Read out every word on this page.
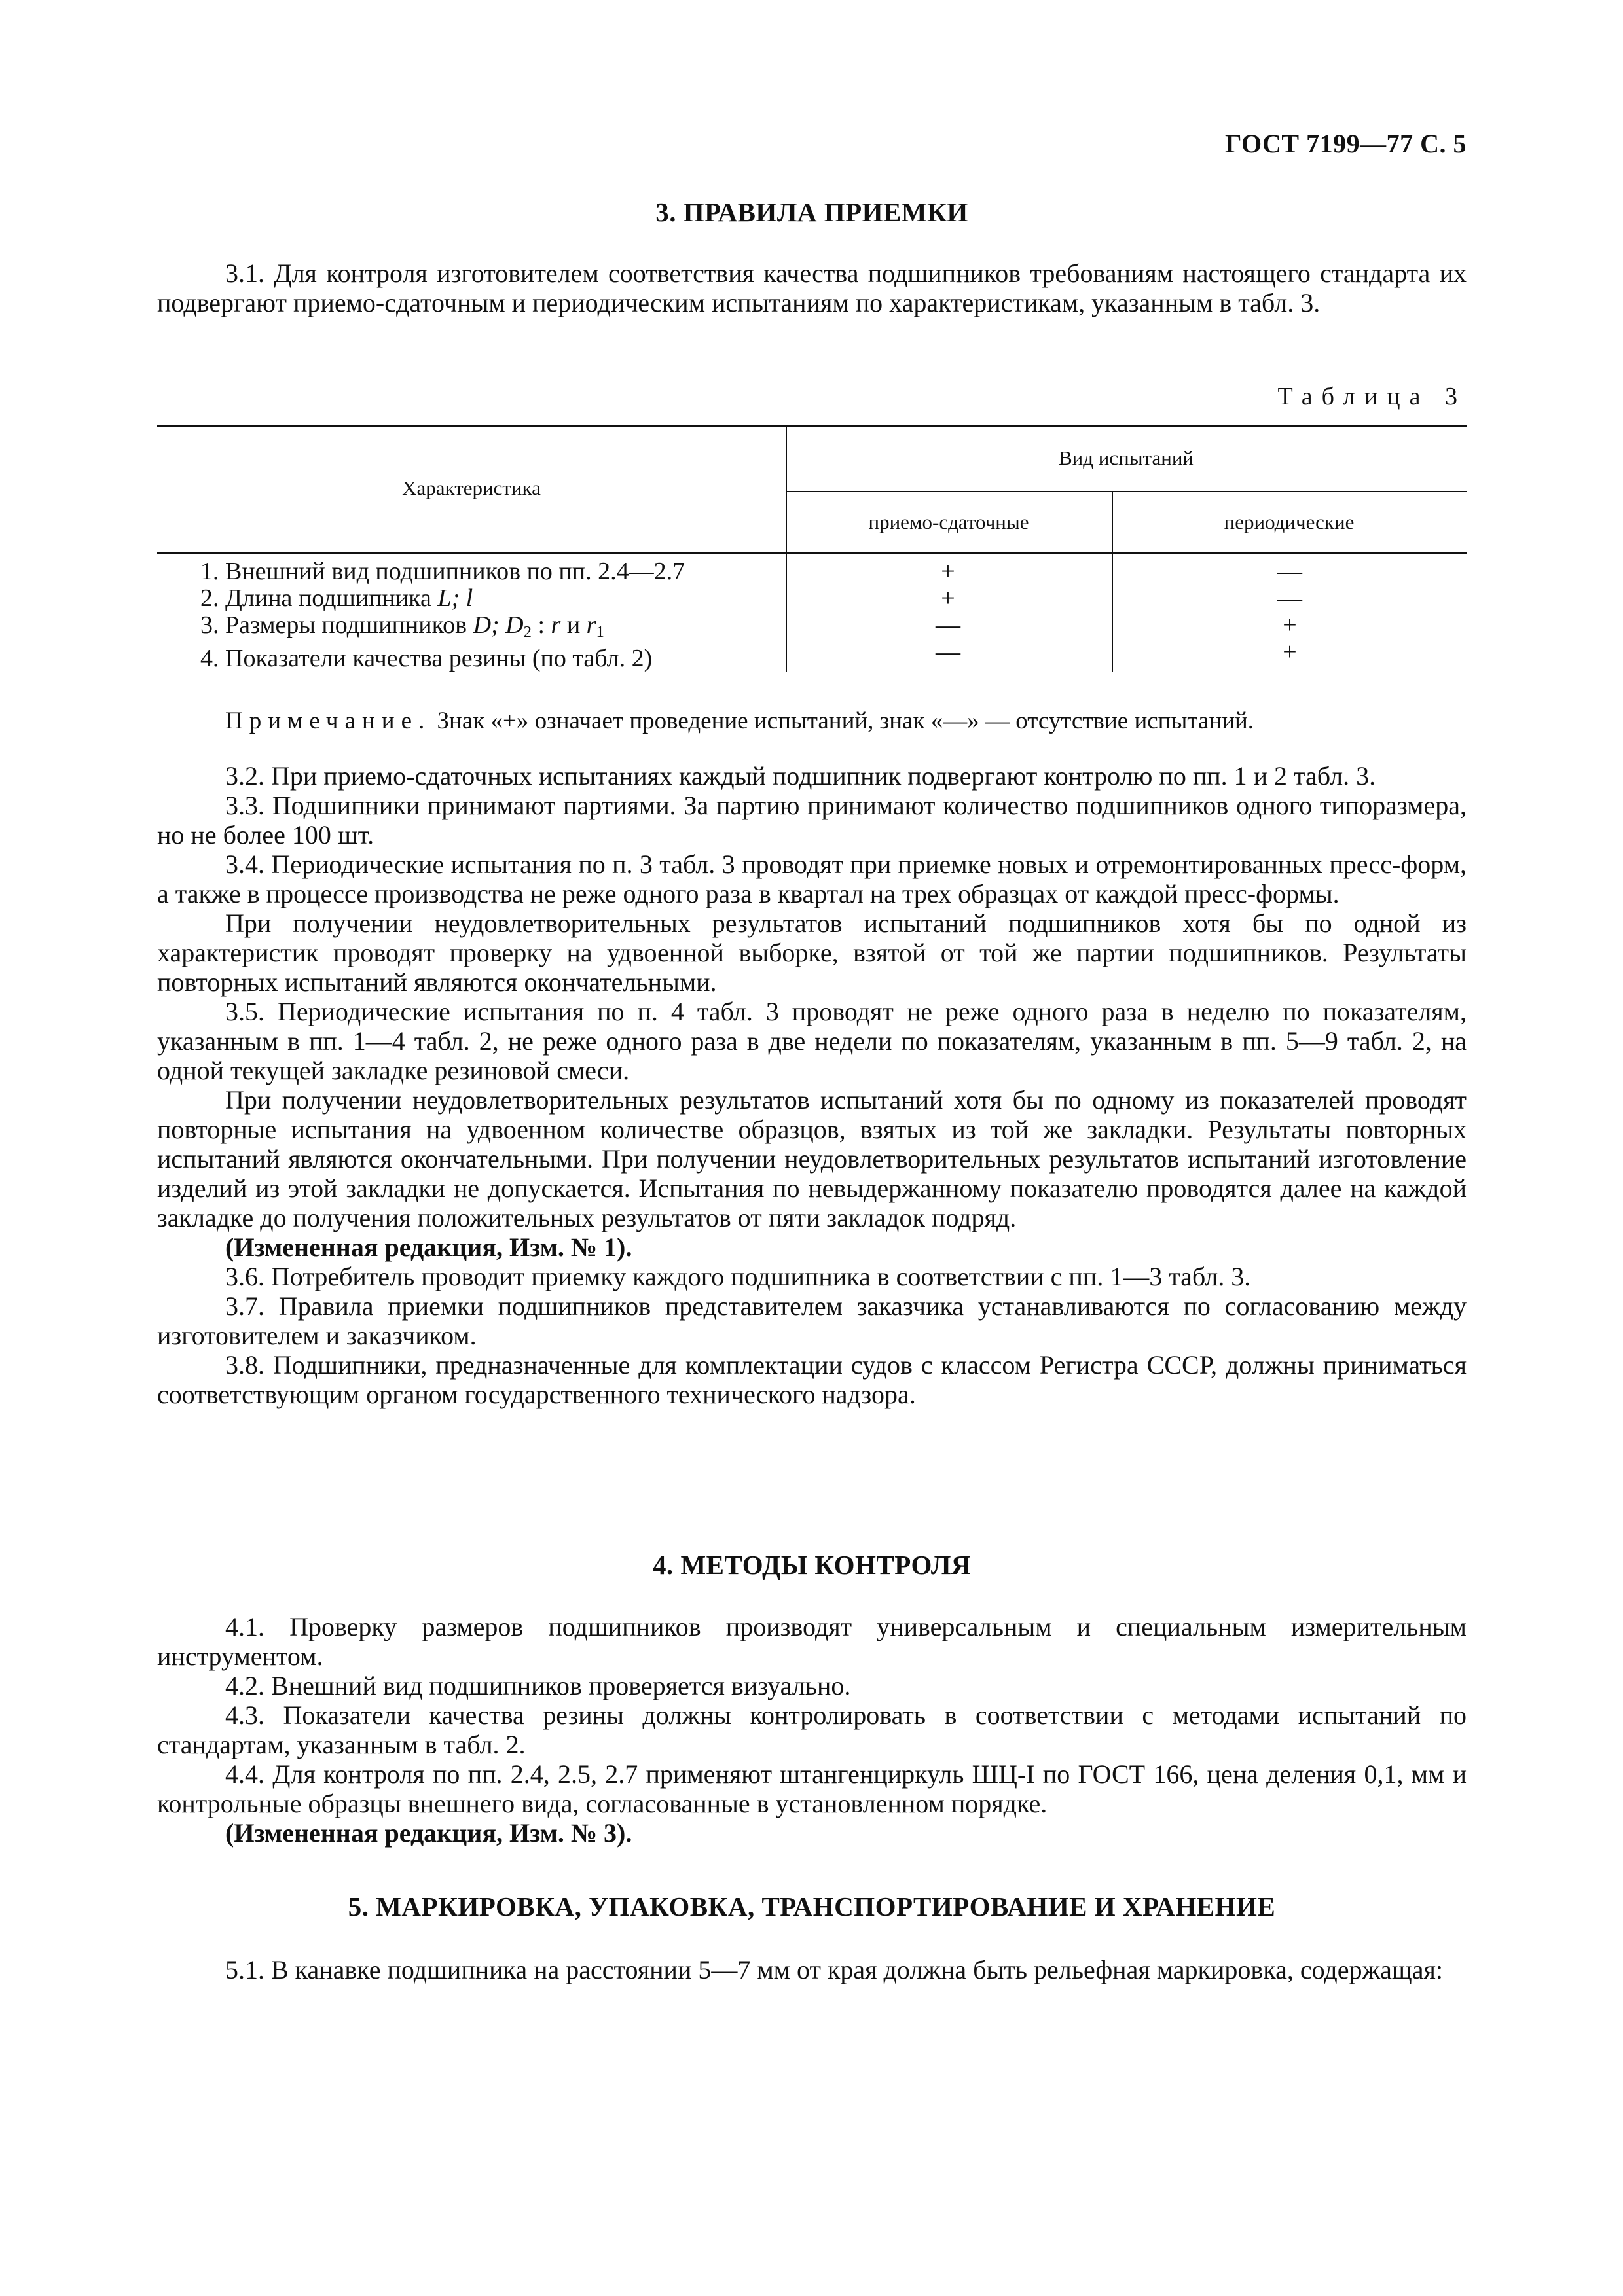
ГОСТ 7199—77 С. 5
3. ПРАВИЛА ПРИЕМКИ

3.1. Для контроля изготовителем соответствия качества подшипников требованиям настоящего стандарта их подвергают приемо-сдаточным и периодическим испытаниям по характеристикам, указанным в табл. 3.

Таблица 3
Характеристика
Вид испытаний
приемо-сдаточные	периодические
1. Внешний вид подшипников по пп. 2.4—2.7
2. Длина подшипника L; l
3. Размеры подшипников D; $D_2$ : r и $r_1$
4. Показатели качества резины (по табл. 2)
+
+
—
—
—
—
+
+
Примечание. Знак «+» означает проведение испытаний, знак «—» — отсутствие испытаний.

3.2. При приемо-сдаточных испытаниях каждый подшипник подвергают контролю по пп. 1 и 2 табл. 3.

3.3. Подшипники принимают партиями. За партию принимают количество подшипников одного типоразмера, но не более 100 шт.

3.4. Периодические испытания по п. 3 табл. 3 проводят при приемке новых и отремонтированных пресс-форм, а также в процессе производства не реже одного раза в квартал на трех образцах от каждой пресс-формы.

При получении неудовлетворительных результатов испытаний подшипников хотя бы по одной из характеристик проводят проверку на удвоенной выборке, взятой от той же партии подшипников. Результаты повторных испытаний являются окончательными.

3.5. Периодические испытания по п. 4 табл. 3 проводят не реже одного раза в неделю по показателям, указанным в пп. 1—4 табл. 2, не реже одного раза в две недели по показателям, указанным в пп. 5—9 табл. 2, на одной текущей закладке резиновой смеси.

При получении неудовлетворительных результатов испытаний хотя бы по одному из показателей проводят повторные испытания на удвоенном количестве образцов, взятых из той же закладки. Результаты повторных испытаний являются окончательными. При получении неудовлетворительных результатов испытаний изготовление изделий из этой закладки не допускается. Испытания по невыдержанному показателю проводятся далее на каждой закладке до получения положительных результатов от пяти закладок подряд.

(Измененная редакция, Изм. № 1).

3.6. Потребитель проводит приемку каждого подшипника в соответствии с пп. 1—3 табл. 3.

3.7. Правила приемки подшипников представителем заказчика устанавливаются по согласованию между изготовителем и заказчиком.

3.8. Подшипники, предназначенные для комплектации судов с классом Регистра СССР, должны приниматься соответствующим органом государственного технического надзора.

4. МЕТОДЫ КОНТРОЛЯ

4.1. Проверку размеров подшипников производят универсальным и специальным измерительным инструментом.

4.2. Внешний вид подшипников проверяется визуально.

4.3. Показатели качества резины должны контролировать в соответствии с методами испытаний по стандартам, указанным в табл. 2.

4.4. Для контроля по пп. 2.4, 2.5, 2.7 применяют штангенциркуль ШЦ-I по ГОСТ 166, цена деления 0,1, мм и контрольные образцы внешнего вида, согласованные в установленном порядке.

(Измененная редакция, Изм. № 3).

5. МАРКИРОВКА, УПАКОВКА, ТРАНСПОРТИРОВАНИЕ И ХРАНЕНИЕ

5.1. В канавке подшипника на расстоянии 5—7 мм от края должна быть рельефная маркировка, содержащая:
